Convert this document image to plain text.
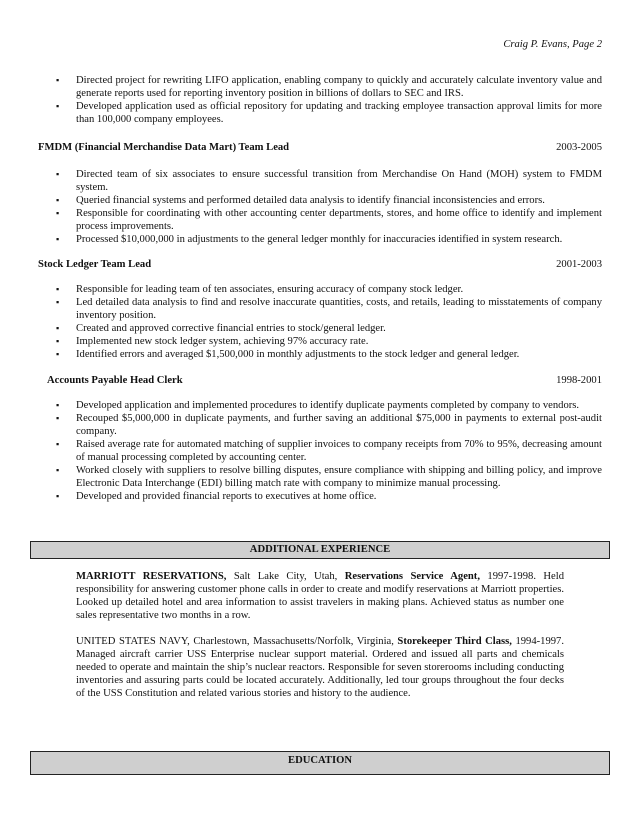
Craig P. Evans, Page 2
▪ Directed project for rewriting LIFO application, enabling company to quickly and accurately calculate inventory value and generate reports used for reporting inventory position in billions of dollars to SEC and IRS.
▪ Developed application used as official repository for updating and tracking employee transaction approval limits for more than 100,000 company employees.
FMDM (Financial Merchandise Data Mart) Team Lead	2003-2005
▪ Directed team of six associates to ensure successful transition from Merchandise On Hand (MOH) system to FMDM system.
▪ Queried financial systems and performed detailed data analysis to identify financial inconsistencies and errors.
▪ Responsible for coordinating with other accounting center departments, stores, and home office to identify and implement process improvements.
▪ Processed $10,000,000 in adjustments to the general ledger monthly for inaccuracies identified in system research.
Stock Ledger Team Lead	2001-2003
▪ Responsible for leading team of ten associates, ensuring accuracy of company stock ledger.
▪ Led detailed data analysis to find and resolve inaccurate quantities, costs, and retails, leading to misstatements of company inventory position.
▪ Created and approved corrective financial entries to stock/general ledger.
▪ Implemented new stock ledger system, achieving 97% accuracy rate.
▪ Identified errors and averaged $1,500,000 in monthly adjustments to the stock ledger and general ledger.
Accounts Payable Head Clerk	1998-2001
▪ Developed application and implemented procedures to identify duplicate payments completed by company to vendors.
▪ Recouped $5,000,000 in duplicate payments, and further saving an additional $75,000 in payments to external post-audit company.
▪ Raised average rate for automated matching of supplier invoices to company receipts from 70% to 95%, decreasing amount of manual processing completed by accounting center.
▪ Worked closely with suppliers to resolve billing disputes, ensure compliance with shipping and billing policy, and improve Electronic Data Interchange (EDI) billing match rate with company to minimize manual processing.
▪ Developed and provided financial reports to executives at home office.
ADDITIONAL EXPERIENCE
MARRIOTT RESERVATIONS, Salt Lake City, Utah, Reservations Service Agent, 1997-1998. Held responsibility for answering customer phone calls in order to create and modify reservations at Marriott properties. Looked up detailed hotel and area information to assist travelers in making plans. Achieved status as number one sales representative two months in a row.
UNITED STATES NAVY, Charlestown, Massachusetts/Norfolk, Virginia, Storekeeper Third Class, 1994-1997. Managed aircraft carrier USS Enterprise nuclear support material. Ordered and issued all parts and chemicals needed to operate and maintain the ship’s nuclear reactors. Responsible for seven storerooms including conducting inventories and assuring parts could be located accurately. Additionally, led tour groups throughout the four decks of the USS Constitution and related various stories and history to the audience.
EDUCATION
